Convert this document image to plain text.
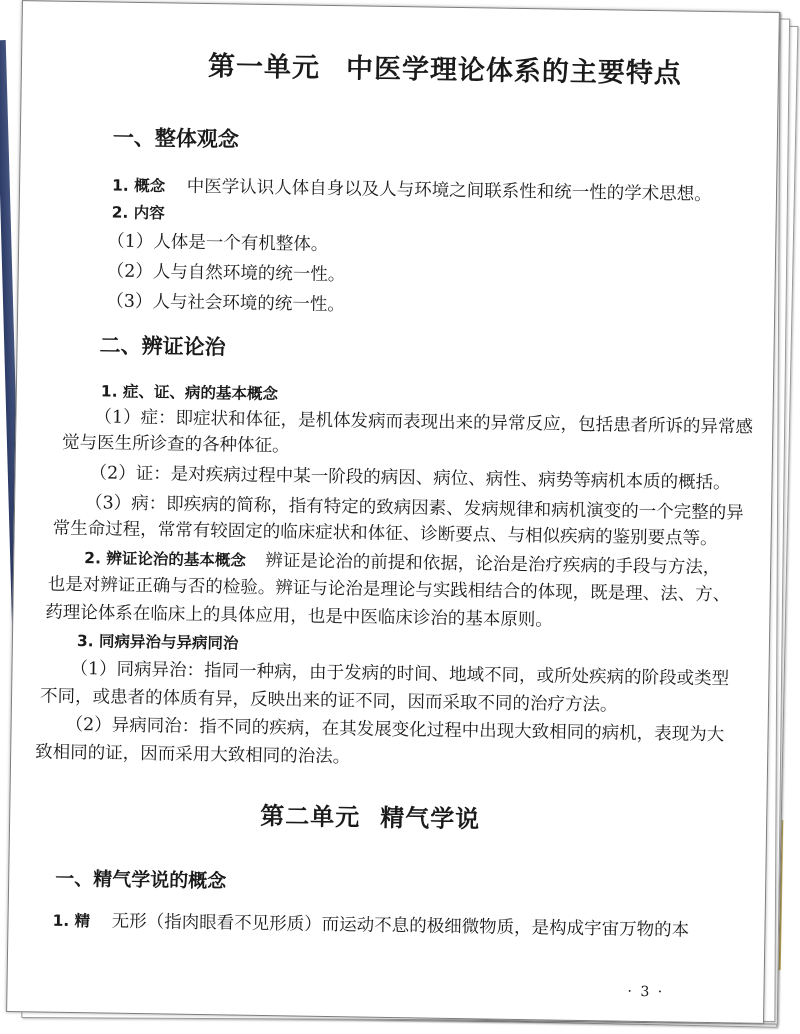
第一单元 中医学理论体系的主要特点
一、整体观念
1. 概念 中医学认识人体自身以及人与环境之间联系性和统一性的学术思想。
2. 内容
（1）人体是一个有机整体。
（2）人与自然环境的统一性。
（3）人与社会环境的统一性。
二、辨证论治
1. 症、证、病的基本概念
（1）症：即症状和体征，是机体发病而表现出来的异常反应，包括患者所诉的异常感
觉与医生所诊查的各种体征。
（2）证：是对疾病过程中某一阶段的病因、病位、病性、病势等病机本质的概括。
（3）病：即疾病的简称，指有特定的致病因素、发病规律和病机演变的一个完整的异
常生命过程，常常有较固定的临床症状和体征、诊断要点、与相似疾病的鉴别要点等。
2. 辨证论治的基本概念 辨证是论治的前提和依据，论治是治疗疾病的手段与方法，
也是对辨证正确与否的检验。辨证与论治是理论与实践相结合的体现，既是理、法、方、
药理论体系在临床上的具体应用，也是中医临床诊治的基本原则。
3. 同病异治与异病同治
（1）同病异治：指同一种病，由于发病的时间、地域不同，或所处疾病的阶段或类型
不同，或患者的体质有异，反映出来的证不同，因而采取不同的治疗方法。
（2）异病同治：指不同的疾病，在其发展变化过程中出现大致相同的病机，表现为大
致相同的证，因而采用大致相同的治法。
第二单元 精气学说
一、精气学说的概念
1. 精 无形（指肉眼看不见形质）而运动不息的极细微物质，是构成宇宙万物的本
· 3 ·
